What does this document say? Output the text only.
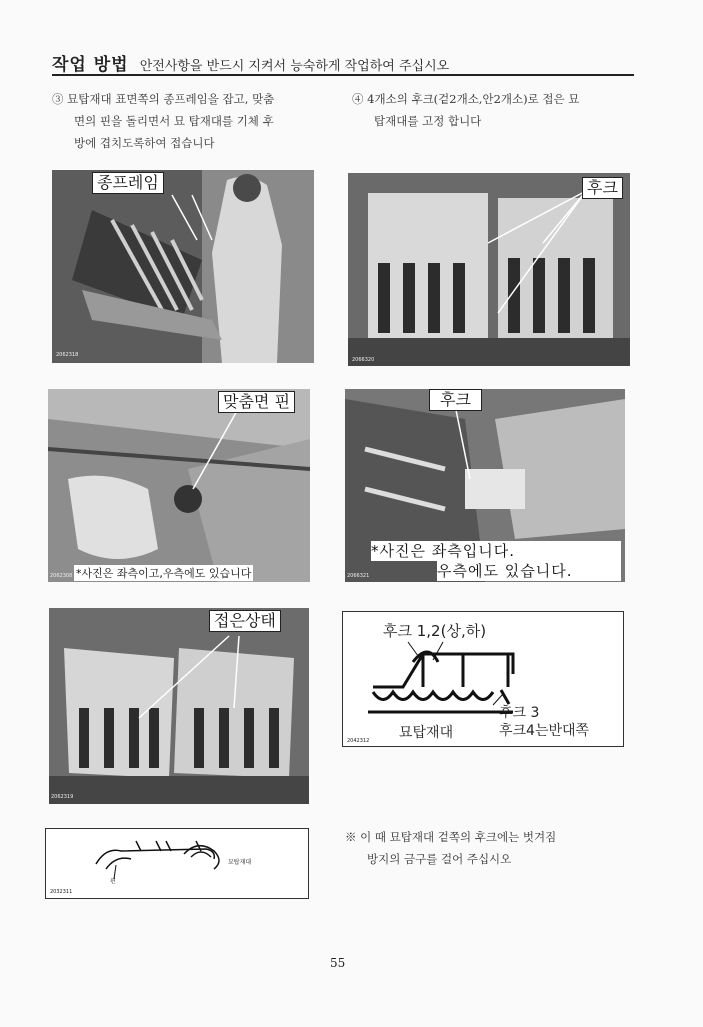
작업 방법 안전사항을 반드시 지켜서 능숙하게 작업하여 주십시오
③ 묘탑재대 표면쪽의 종프레임을 잡고, 맞춤
면의 핀을 돌리면서 묘 탑재대를 기체 후
방에 겹치도록하여 접습니다
④ 4개소의 후크(겉2개소,안2개소)로 접은 묘
탑재대를 고정 합니다
종프레임
2062318
후크
2066320
맞춤면 핀
*사진은 좌측이고,우측에도 있습니다
2062308
후크
*사진은 좌측입니다.
우측에도 있습니다.
2066321
접은상태
2062319
후크 1,2(상,하)
후크 3
후크4는반대쪽
묘탑재대
2042312
묘탑재대
핀
2032311
※ 이 때 묘탑재대 겉쪽의 후크에는 벗겨짐
방지의 금구를 걸어 주십시오
55
